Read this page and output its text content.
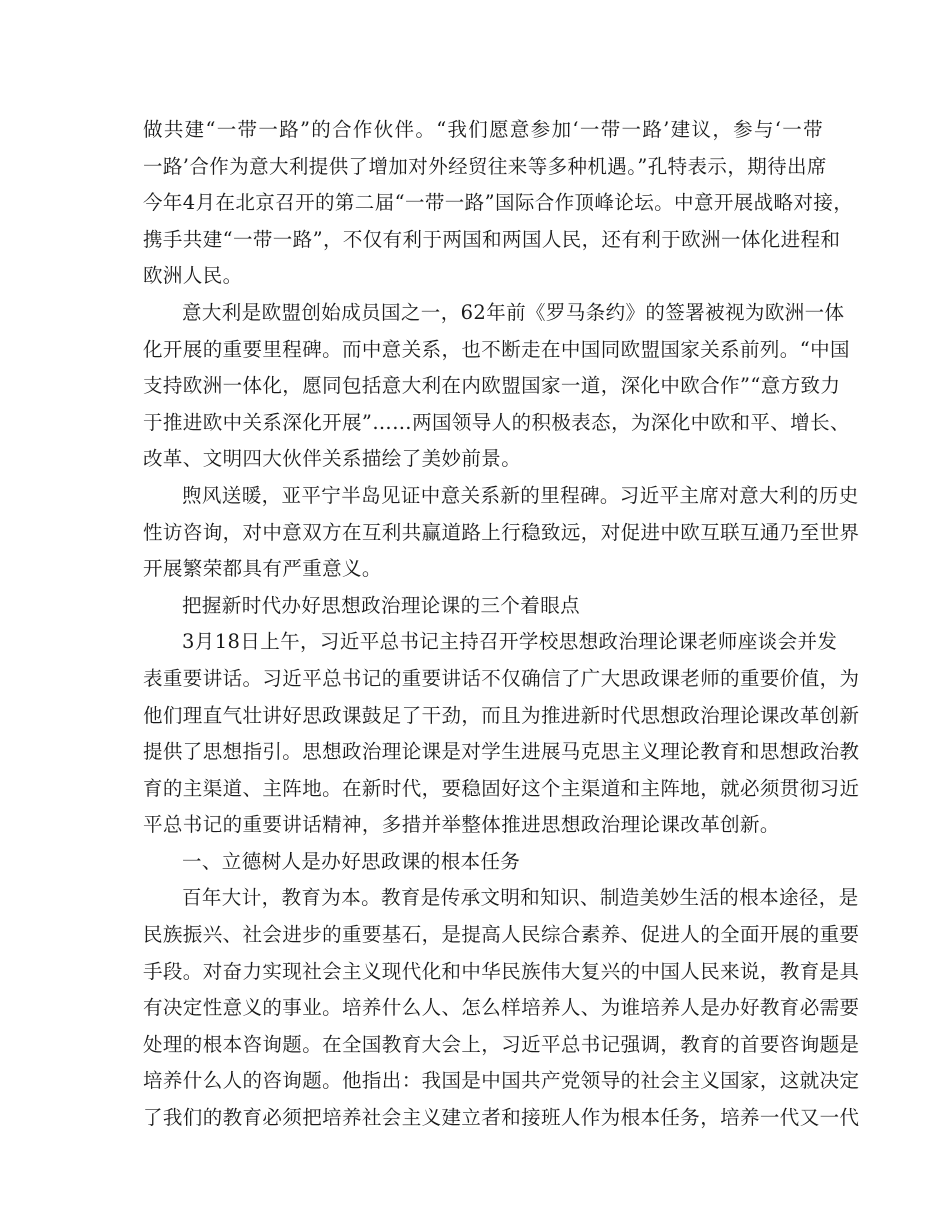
做共建“一带一路”的合作伙伴。“我们愿意参加‘一带一路’建议，参与‘一带
一路’合作为意大利提供了增加对外经贸往来等多种机遇。”孔特表示，期待出席
今年4月在北京召开的第二届“一带一路”国际合作顶峰论坛。中意开展战略对接，
携手共建“一带一路”，不仅有利于两国和两国人民，还有利于欧洲一体化进程和
欧洲人民。
意大利是欧盟创始成员国之一，62年前《罗马条约》的签署被视为欧洲一体
化开展的重要里程碑。而中意关系，也不断走在中国同欧盟国家关系前列。“中国
支持欧洲一体化，愿同包括意大利在内欧盟国家一道，深化中欧合作”“意方致力
于推进欧中关系深化开展”……两国领导人的积极表态，为深化中欧和平、增长、
改革、文明四大伙伴关系描绘了美妙前景。
煦风送暖，亚平宁半岛见证中意关系新的里程碑。习近平主席对意大利的历史
性访咨询，对中意双方在互利共赢道路上行稳致远，对促进中欧互联互通乃至世界
开展繁荣都具有严重意义。
把握新时代办好思想政治理论课的三个着眼点
3月18日上午，习近平总书记主持召开学校思想政治理论课老师座谈会并发
表重要讲话。习近平总书记的重要讲话不仅确信了广大思政课老师的重要价值，为
他们理直气壮讲好思政课鼓足了干劲，而且为推进新时代思想政治理论课改革创新
提供了思想指引。思想政治理论课是对学生进展马克思主义理论教育和思想政治教
育的主渠道、主阵地。在新时代，要稳固好这个主渠道和主阵地，就必须贯彻习近
平总书记的重要讲话精神，多措并举整体推进思想政治理论课改革创新。
一、立德树人是办好思政课的根本任务
百年大计，教育为本。教育是传承文明和知识、制造美妙生活的根本途径，是
民族振兴、社会进步的重要基石，是提高人民综合素养、促进人的全面开展的重要
手段。对奋力实现社会主义现代化和中华民族伟大复兴的中国人民来说，教育是具
有决定性意义的事业。培养什么人、怎么样培养人、为谁培养人是办好教育必需要
处理的根本咨询题。在全国教育大会上，习近平总书记强调，教育的首要咨询题是
培养什么人的咨询题。他指出：我国是中国共产党领导的社会主义国家，这就决定
了我们的教育必须把培养社会主义建立者和接班人作为根本任务，培养一代又一代
